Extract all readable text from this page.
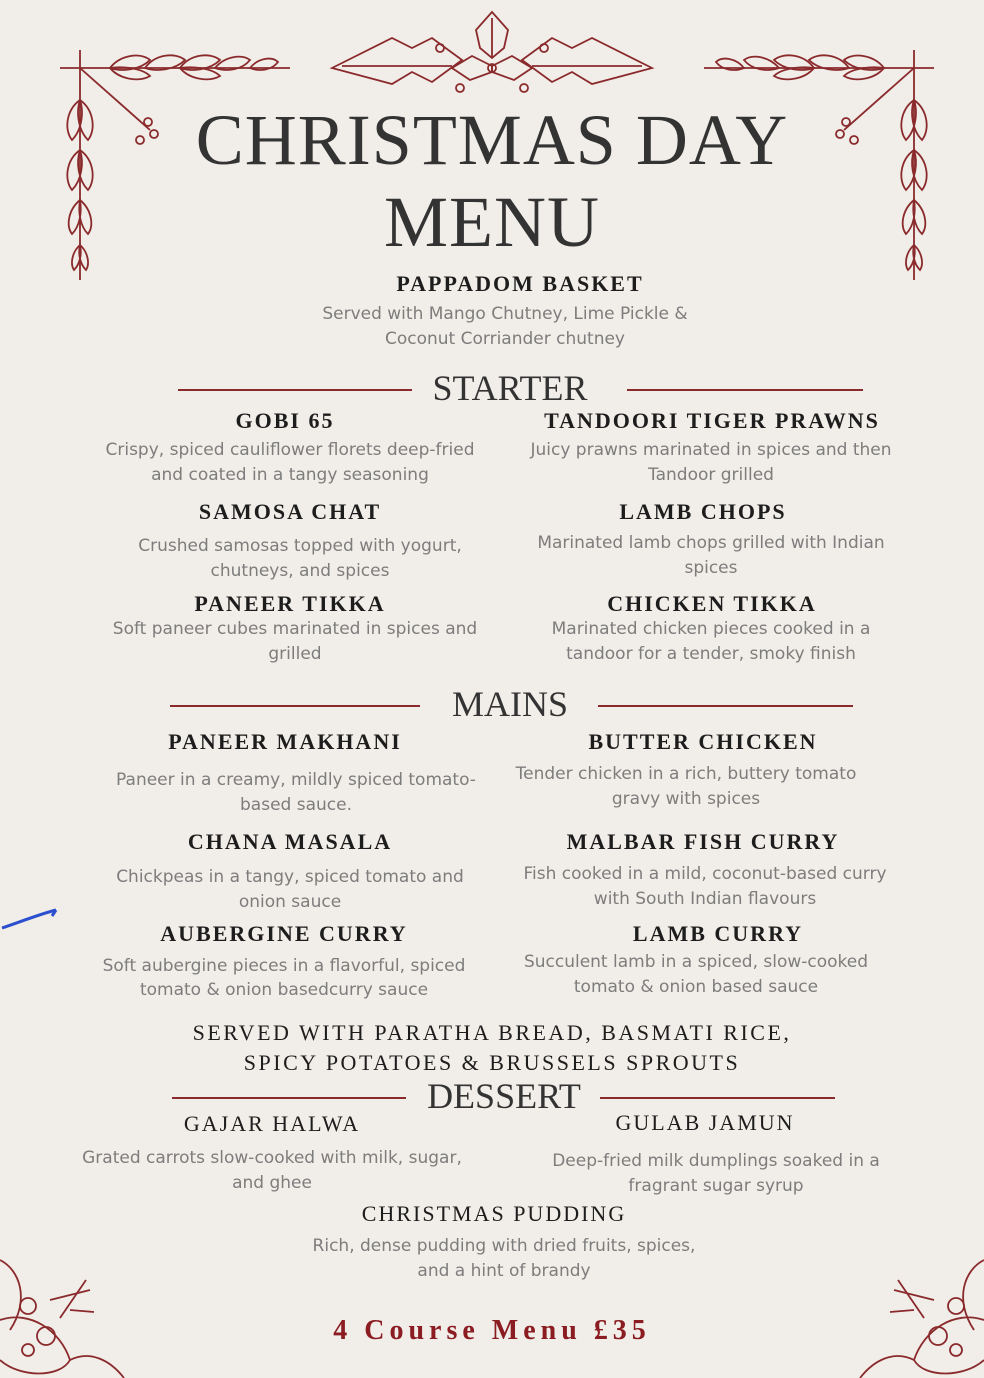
CHRISTMAS DAY
MENU
PAPPADOM BASKET
Served with Mango Chutney, Lime Pickle &
Coconut Corriander chutney
STARTER
GOBI 65
Crispy, spiced cauliflower florets deep-fried
and coated in a tangy seasoning
TANDOORI TIGER PRAWNS
Juicy prawns marinated in spices and then
Tandoor grilled
SAMOSA CHAT
Crushed samosas topped with yogurt,
chutneys, and spices
LAMB CHOPS
Marinated lamb chops grilled with Indian
spices
PANEER TIKKA
Soft paneer cubes marinated in spices and
grilled
CHICKEN TIKKA
Marinated chicken pieces cooked in a
tandoor for a tender, smoky finish
MAINS
PANEER MAKHANI
Paneer in a creamy, mildly spiced tomato-
based sauce.
BUTTER CHICKEN
Tender chicken in a rich, buttery tomato
gravy with spices
CHANA MASALA
Chickpeas in a tangy, spiced tomato and
onion sauce
MALBAR FISH CURRY
Fish cooked in a mild, coconut-based curry
with South Indian flavours
AUBERGINE CURRY
Soft aubergine pieces in a flavorful, spiced
tomato & onion basedcurry sauce
LAMB CURRY
Succulent lamb in a spiced, slow-cooked
tomato & onion based sauce
SERVED WITH PARATHA BREAD, BASMATI RICE,
SPICY POTATOES & BRUSSELS SPROUTS
DESSERT
GAJAR HALWA
Grated carrots slow-cooked with milk, sugar,
and ghee
GULAB JAMUN
Deep-fried milk dumplings soaked in a
fragrant sugar syrup
CHRISTMAS PUDDING
Rich, dense pudding with dried fruits, spices,
and a hint of brandy
4 Course Menu £35
